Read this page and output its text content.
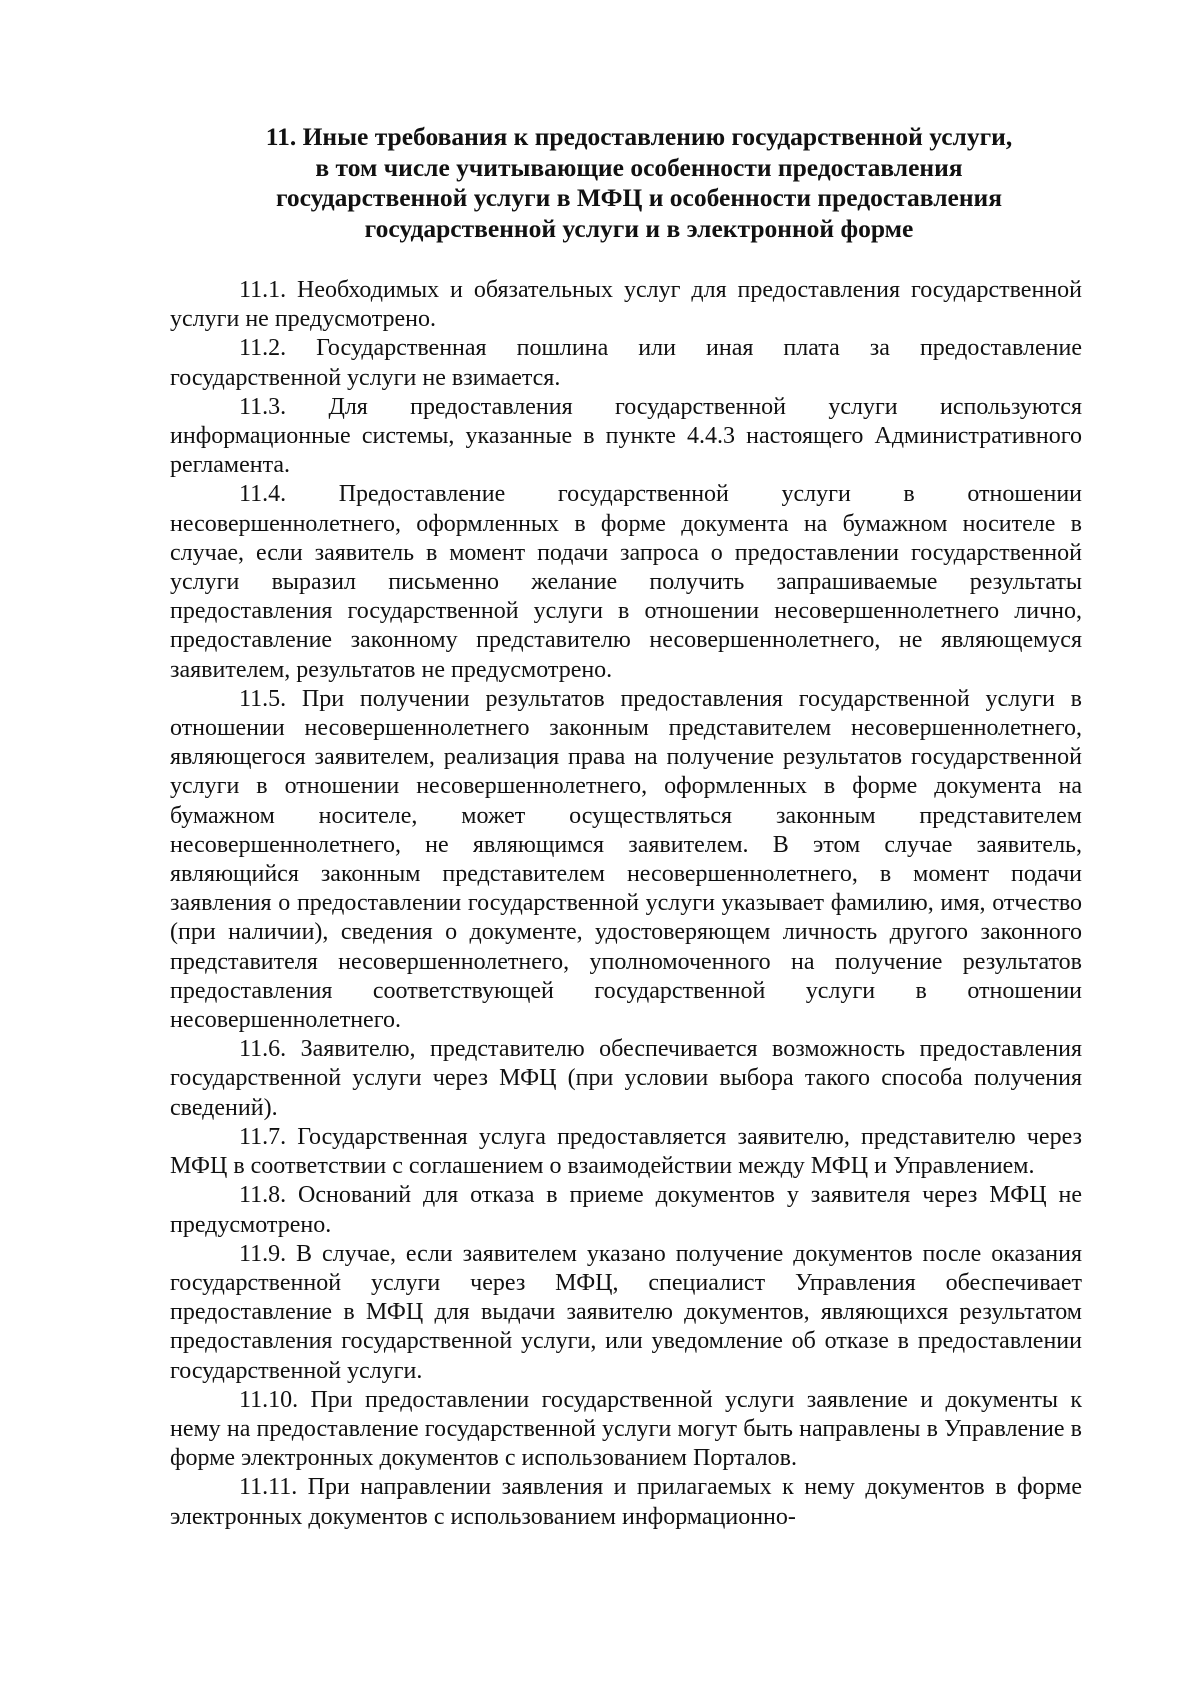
11. Иные требования к предоставлению государственной услуги,
в том числе учитывающие особенности предоставления
государственной услуги в МФЦ и особенности предоставления
государственной услуги и в электронной форме

11.1. Необходимых и обязательных услуг для предоставления государственной услуги не предусмотрено.

11.2. Государственная пошлина или иная плата за предоставление государственной услуги не взимается.

11.3. Для предоставления государственной услуги используются информационные системы, указанные в пункте 4.4.3 настоящего Административного регламента.

11.4. Предоставление государственной услуги в отношении несовершеннолетнего, оформленных в форме документа на бумажном носителе в случае, если заявитель в момент подачи запроса о предоставлении государственной услуги выразил письменно желание получить запрашиваемые результаты предоставления государственной услуги в отношении несовершеннолетнего лично, предоставление законному представителю несовершеннолетнего, не являющемуся заявителем, результатов не предусмотрено.

11.5. При получении результатов предоставления государственной услуги в отношении несовершеннолетнего законным представителем несовершеннолетнего, являющегося заявителем, реализация права на получение результатов государственной услуги в отношении несовершеннолетнего, оформленных в форме документа на бумажном носителе, может осуществляться законным представителем несовершеннолетнего, не являющимся заявителем. В этом случае заявитель, являющийся законным представителем несовершеннолетнего, в момент подачи заявления о предоставлении государственной услуги указывает фамилию, имя, отчество (при наличии), сведения о документе, удостоверяющем личность другого законного представителя несовершеннолетнего, уполномоченного на получение результатов предоставления соответствующей государственной услуги в отношении несовершеннолетнего.

11.6. Заявителю, представителю обеспечивается возможность предоставления государственной услуги через МФЦ (при условии выбора такого способа получения сведений).

11.7. Государственная услуга предоставляется заявителю, представителю через МФЦ в соответствии с соглашением о взаимодействии между МФЦ и Управлением.

11.8. Оснований для отказа в приеме документов у заявителя через МФЦ не предусмотрено.

11.9. В случае, если заявителем указано получение документов после оказания государственной услуги через МФЦ, специалист Управления обеспечивает предоставление в МФЦ для выдачи заявителю документов, являющихся результатом предоставления государственной услуги, или уведомление об отказе в предоставлении государственной услуги.

11.10. При предоставлении государственной услуги заявление и документы к нему на предоставление государственной услуги могут быть направлены в Управление в форме электронных документов с использованием Порталов.

11.11. При направлении заявления и прилагаемых к нему документов в форме электронных документов с использованием информационно-
